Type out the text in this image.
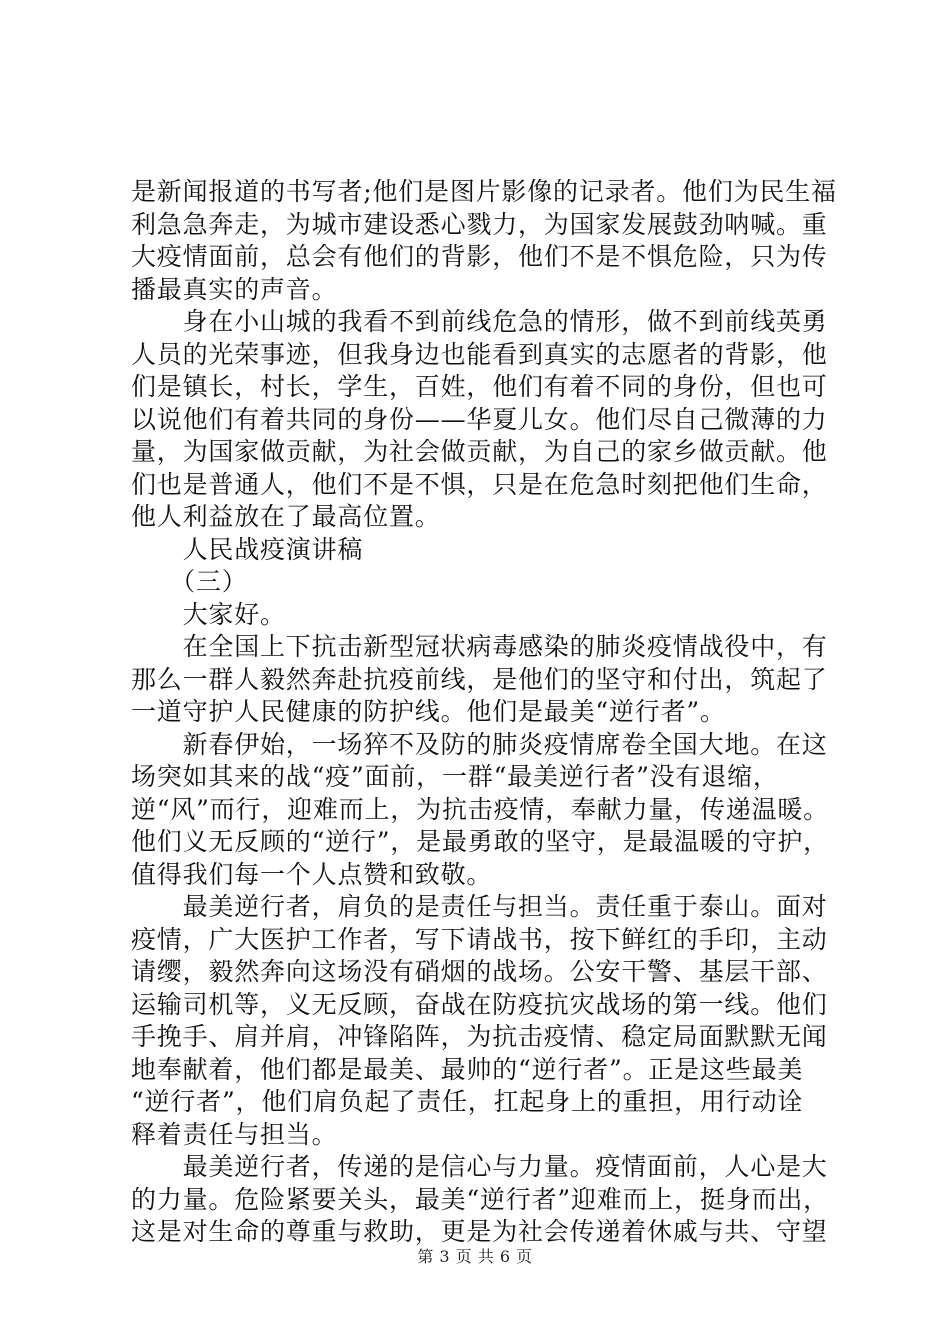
是新闻报道的书写者;他们是图片影像的记录者。他们为民生福
利急急奔走，为城市建设悉心戮力，为国家发展鼓劲呐喊。重
大疫情面前，总会有他们的背影，他们不是不惧危险，只为传
播最真实的声音。
　　身在小山城的我看不到前线危急的情形，做不到前线英勇
人员的光荣事迹，但我身边也能看到真实的志愿者的背影，他
们是镇长，村长，学生，百姓，他们有着不同的身份，但也可
以说他们有着共同的身份——华夏儿女。他们尽自己微薄的力
量，为国家做贡献，为社会做贡献，为自己的家乡做贡献。他
们也是普通人，他们不是不惧，只是在危急时刻把他们生命，
他人利益放在了最高位置。
　　人民战疫演讲稿
　　（三）
　　大家好。
　　在全国上下抗击新型冠状病毒感染的肺炎疫情战役中，有
那么一群人毅然奔赴抗疫前线，是他们的坚守和付出，筑起了
一道守护人民健康的防护线。他们是最美“逆行者”。
　　新春伊始，一场猝不及防的肺炎疫情席卷全国大地。在这
场突如其来的战“疫”面前，一群“最美逆行者”没有退缩，
逆“风”而行，迎难而上，为抗击疫情，奉献力量，传递温暖。
他们义无反顾的“逆行”，是最勇敢的坚守，是最温暖的守护，
值得我们每一个人点赞和致敬。
　　最美逆行者，肩负的是责任与担当。责任重于泰山。面对
疫情，广大医护工作者，写下请战书，按下鲜红的手印，主动
请缨，毅然奔向这场没有硝烟的战场。公安干警、基层干部、
运输司机等，义无反顾，奋战在防疫抗灾战场的第一线。他们
手挽手、肩并肩，冲锋陷阵，为抗击疫情、稳定局面默默无闻
地奉献着，他们都是最美、最帅的“逆行者”。正是这些最美
“逆行者”，他们肩负起了责任，扛起身上的重担，用行动诠
释着责任与担当。
　　最美逆行者，传递的是信心与力量。疫情面前，人心是大
的力量。危险紧要关头，最美“逆行者”迎难而上，挺身而出，
这是对生命的尊重与救助，更是为社会传递着休戚与共、守望
第 3 页 共 6 页
